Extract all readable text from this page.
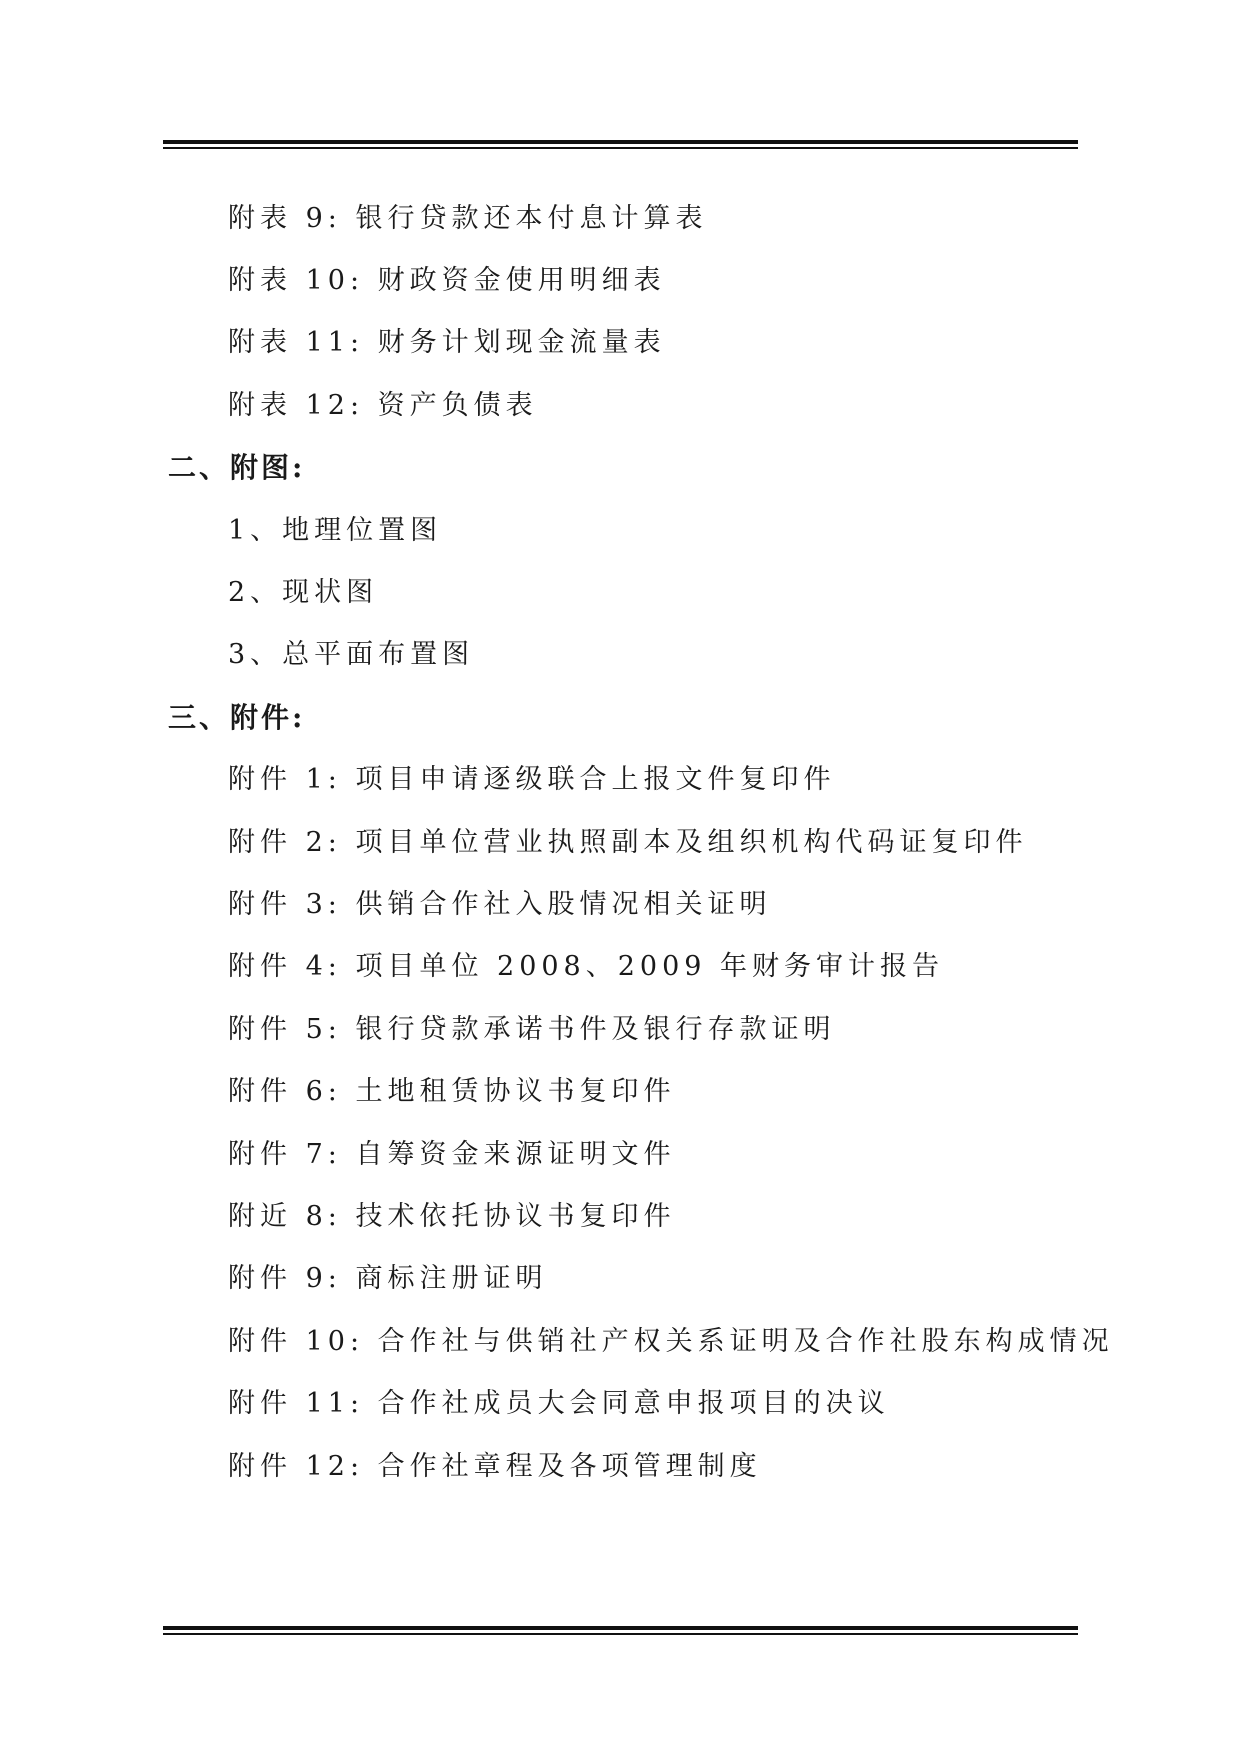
附表 9: 银行贷款还本付息计算表
附表 10: 财政资金使用明细表
附表 11: 财务计划现金流量表
附表 12: 资产负债表
二、附图:
1、地理位置图
2、现状图
3、总平面布置图
三、附件:
附件 1: 项目申请逐级联合上报文件复印件
附件 2: 项目单位营业执照副本及组织机构代码证复印件
附件 3: 供销合作社入股情况相关证明
附件 4: 项目单位 2008、2009 年财务审计报告
附件 5: 银行贷款承诺书件及银行存款证明
附件 6: 土地租赁协议书复印件
附件 7: 自筹资金来源证明文件
附近 8: 技术依托协议书复印件
附件 9: 商标注册证明
附件 10: 合作社与供销社产权关系证明及合作社股东构成情况
附件 11: 合作社成员大会同意申报项目的决议
附件 12: 合作社章程及各项管理制度
